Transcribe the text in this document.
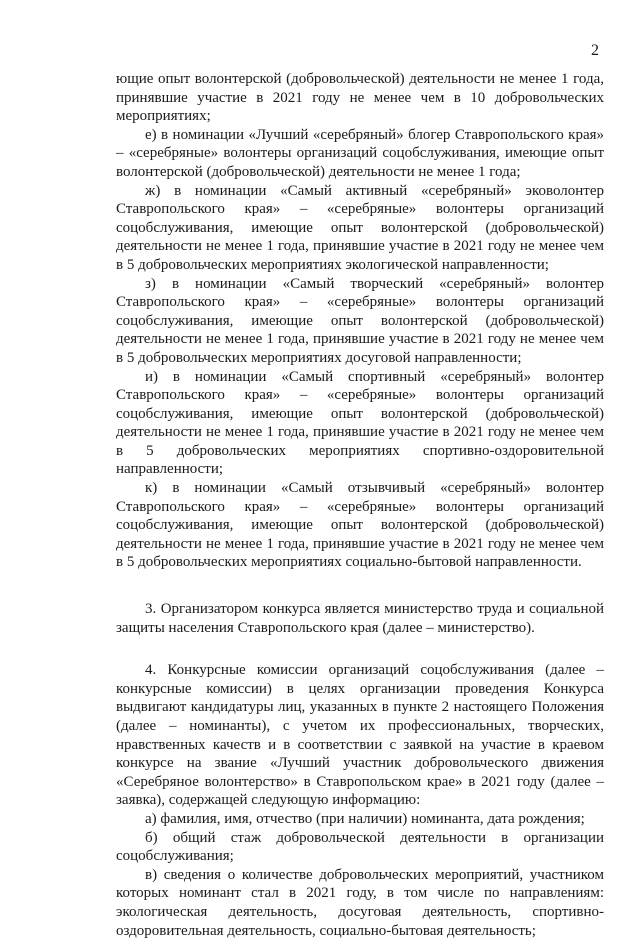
2

ющие опыт волонтерской (добровольческой) деятельности не менее 1 года, принявшие участие в 2021 году не менее чем в 10 добровольческих мероприятиях;

е) в номинации «Лучший «серебряный» блогер Ставропольского края» – «серебряные» волонтеры организаций соцобслуживания, имеющие опыт волонтерской (добровольческой) деятельности не менее 1 года;

ж) в номинации «Самый активный «серебряный» эковолонтер Ставропольского края» – «серебряные» волонтеры организаций соцобслуживания, имеющие опыт волонтерской (добровольческой) деятельности не менее 1 года, принявшие участие в 2021 году не менее чем в 5 добровольческих мероприятиях экологической направленности;

з) в номинации «Самый творческий «серебряный» волонтер Ставропольского края» – «серебряные» волонтеры организаций соцобслуживания, имеющие опыт волонтерской (добровольческой) деятельности не менее 1 года, принявшие участие в 2021 году не менее чем в 5 добровольческих мероприятиях досуговой направленности;

и) в номинации «Самый спортивный «серебряный» волонтер Ставропольского края» – «серебряные» волонтеры организаций соцобслуживания, имеющие опыт волонтерской (добровольческой) деятельности не менее 1 года, принявшие участие в 2021 году не менее чем в 5 добровольческих мероприятиях спортивно-оздоровительной направленности;

к) в номинации «Самый отзывчивый «серебряный» волонтер Ставропольского края» – «серебряные» волонтеры организаций соцобслуживания, имеющие опыт волонтерской (добровольческой) деятельности не менее 1 года, принявшие участие в 2021 году не менее чем в 5 добровольческих мероприятиях социально-бытовой направленности.

3. Организатором конкурса является министерство труда и социальной защиты населения Ставропольского края (далее – министерство).

4. Конкурсные комиссии организаций соцобслуживания (далее – конкурсные комиссии) в целях организации проведения Конкурса выдвигают кандидатуры лиц, указанных в пункте 2 настоящего Положения (далее – номинанты), с учетом их профессиональных, творческих, нравственных качеств и в соответствии с заявкой на участие в краевом конкурсе на звание «Лучший участник добровольческого движения «Серебряное волонтерство» в Ставропольском крае» в 2021 году (далее – заявка), содержащей следующую информацию:

а) фамилия, имя, отчество (при наличии) номинанта, дата рождения;

б) общий стаж добровольческой деятельности в организации соцобслуживания;

в) сведения о количестве добровольческих мероприятий, участником которых номинант стал в 2021 году, в том числе по направлениям: экологическая деятельность, досуговая деятельность, спортивно-оздоровительная деятельность, социально-бытовая деятельность;
